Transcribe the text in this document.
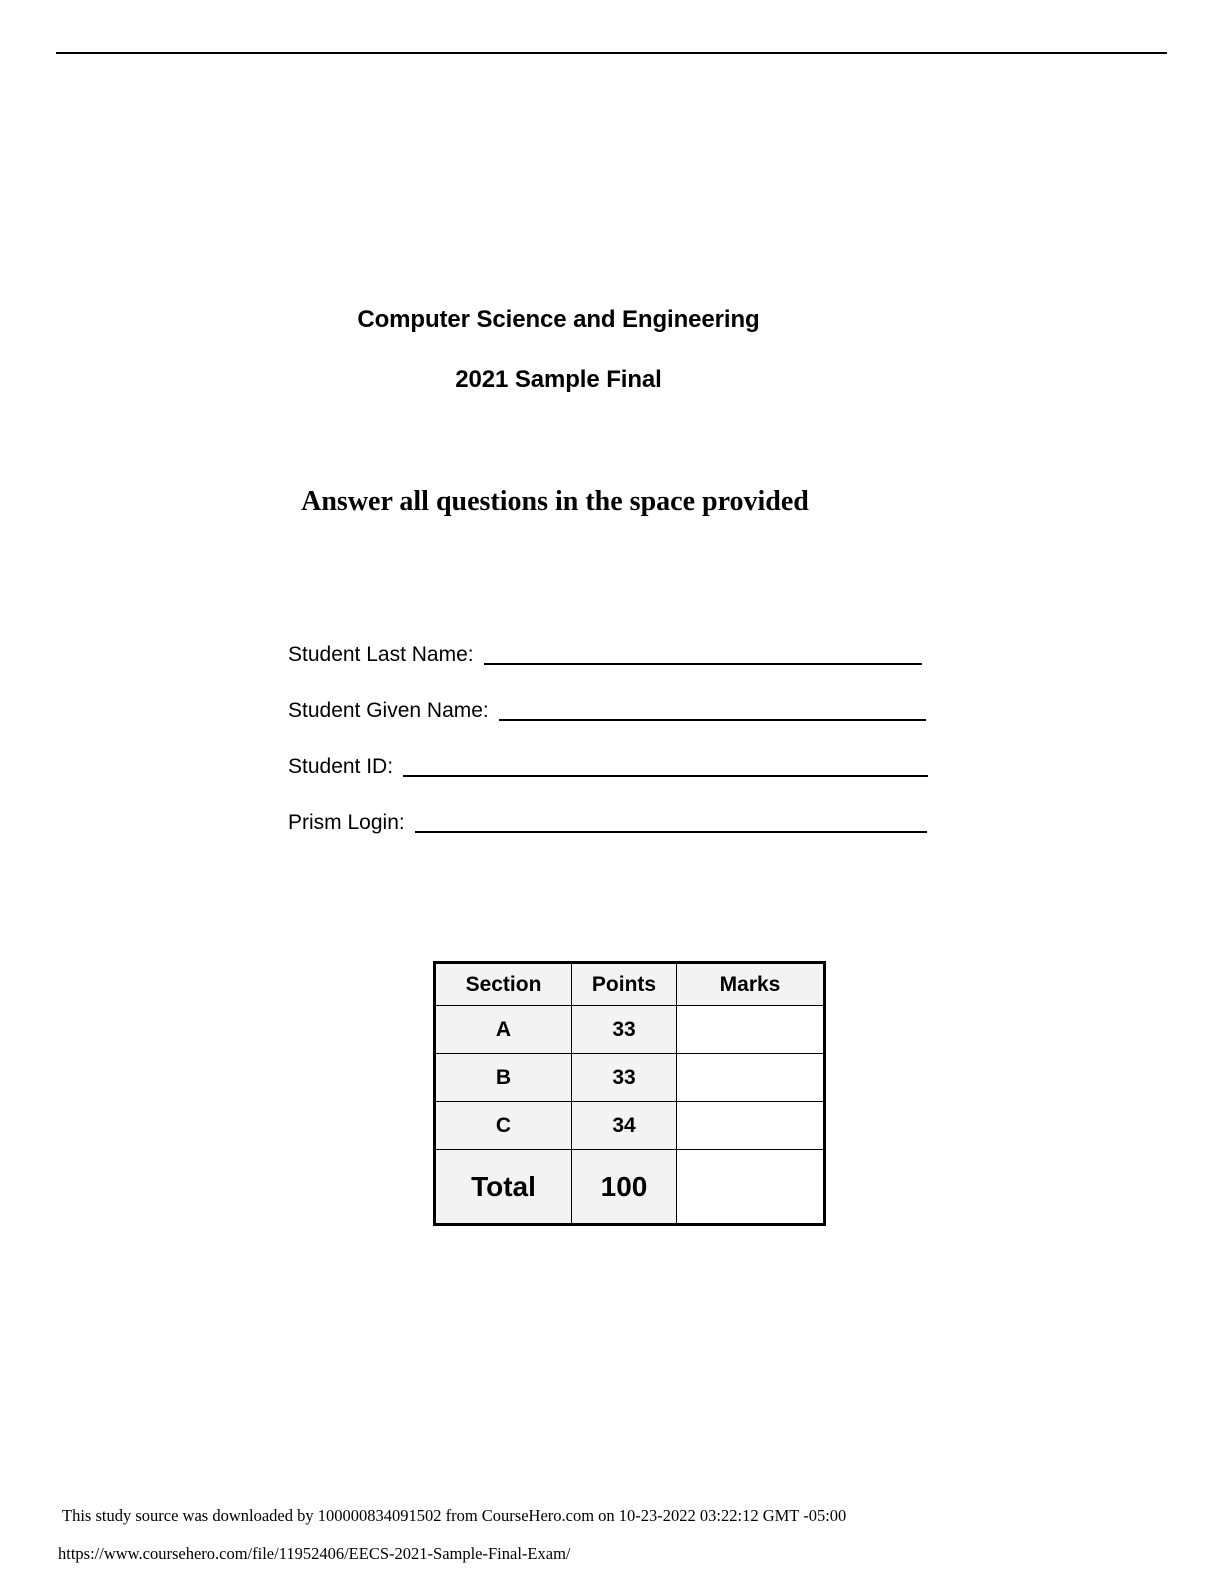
Computer Science and Engineering
2021 Sample Final
Answer all questions in the space provided
Student Last Name:
Student Given Name:
Student ID:
Prism Login:
Section	Points	Marks
A	33	
B	33	
C	34	
Total	100	
This study source was downloaded by 100000834091502 from CourseHero.com on 10-23-2022 03:22:12 GMT -05:00
https://www.coursehero.com/file/11952406/EECS-2021-Sample-Final-Exam/
